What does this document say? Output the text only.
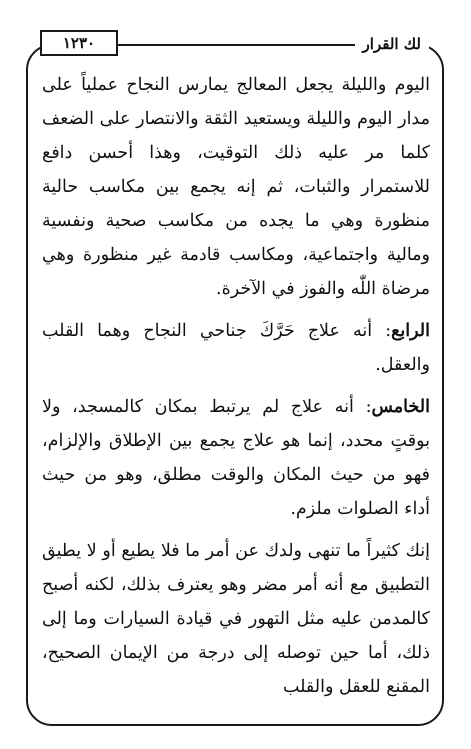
لك القرار
١٢٣٠

اليوم والليلة يجعل المعالج يمارس النجاح عملياً على مدار اليوم والليلة ويستعيد الثقة والانتصار على الضعف كلما مر عليه ذلك التوقيت، وهذا أحسن دافع للاستمرار والثبات، ثم إنه يجمع بين مكاسب حالية منظورة وهي ما يجده من مكاسب صحية ونفسية ومالية واجتماعية، ومكاسب قادمة غير منظورة وهي مرضاة اللّٰه والفوز في الآخرة.

الرابع: أنه علاج حَرَّكَ جناحي النجاح وهما القلب والعقل.

الخامس: أنه علاج لم يرتبط بمكان كالمسجد، ولا بوقتٍ محدد، إنما هو علاج يجمع بين الإطلاق والإلزام، فهو من حيث المكان والوقت مطلق، وهو من حيث أداء الصلوات ملزم.

إنك كثيراً ما تنهى ولدك عن أمر ما فلا يطيع أو لا يطيق التطبيق مع أنه أمر مضر وهو يعترف بذلك، لكنه أصبح كالمدمن عليه مثل التهور في قيادة السيارات وما إلى ذلك، أما حين توصله إلى درجة من الإيمان الصحيح، المقنع للعقل والقلب
